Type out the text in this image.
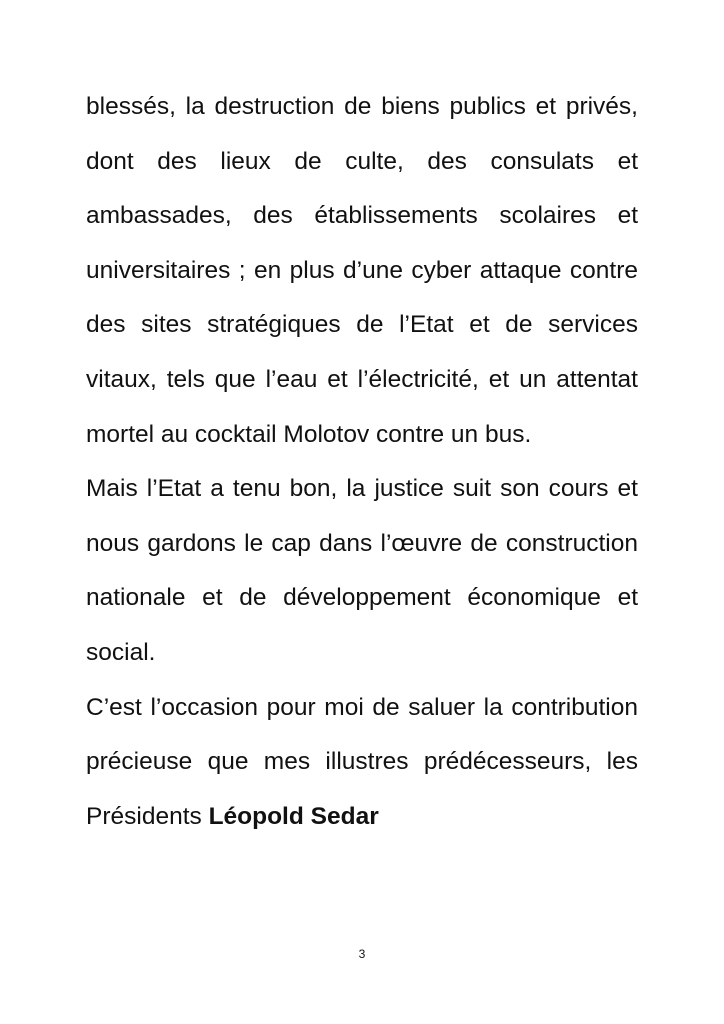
blessés, la destruction de biens publics et privés, dont des lieux de culte, des consulats et ambassades, des établissements scolaires et universitaires ; en plus d’une cyber attaque contre des sites stratégiques de l’Etat et de services vitaux, tels que l’eau et l’électricité, et un attentat mortel au cocktail Molotov contre un bus.

Mais l’Etat a tenu bon, la justice suit son cours et nous gardons le cap dans l’œuvre de construction nationale et de développement économique et social.

C’est l’occasion pour moi de saluer la contribution précieuse que mes illustres prédécesseurs, les Présidents Léopold Sedar

3
